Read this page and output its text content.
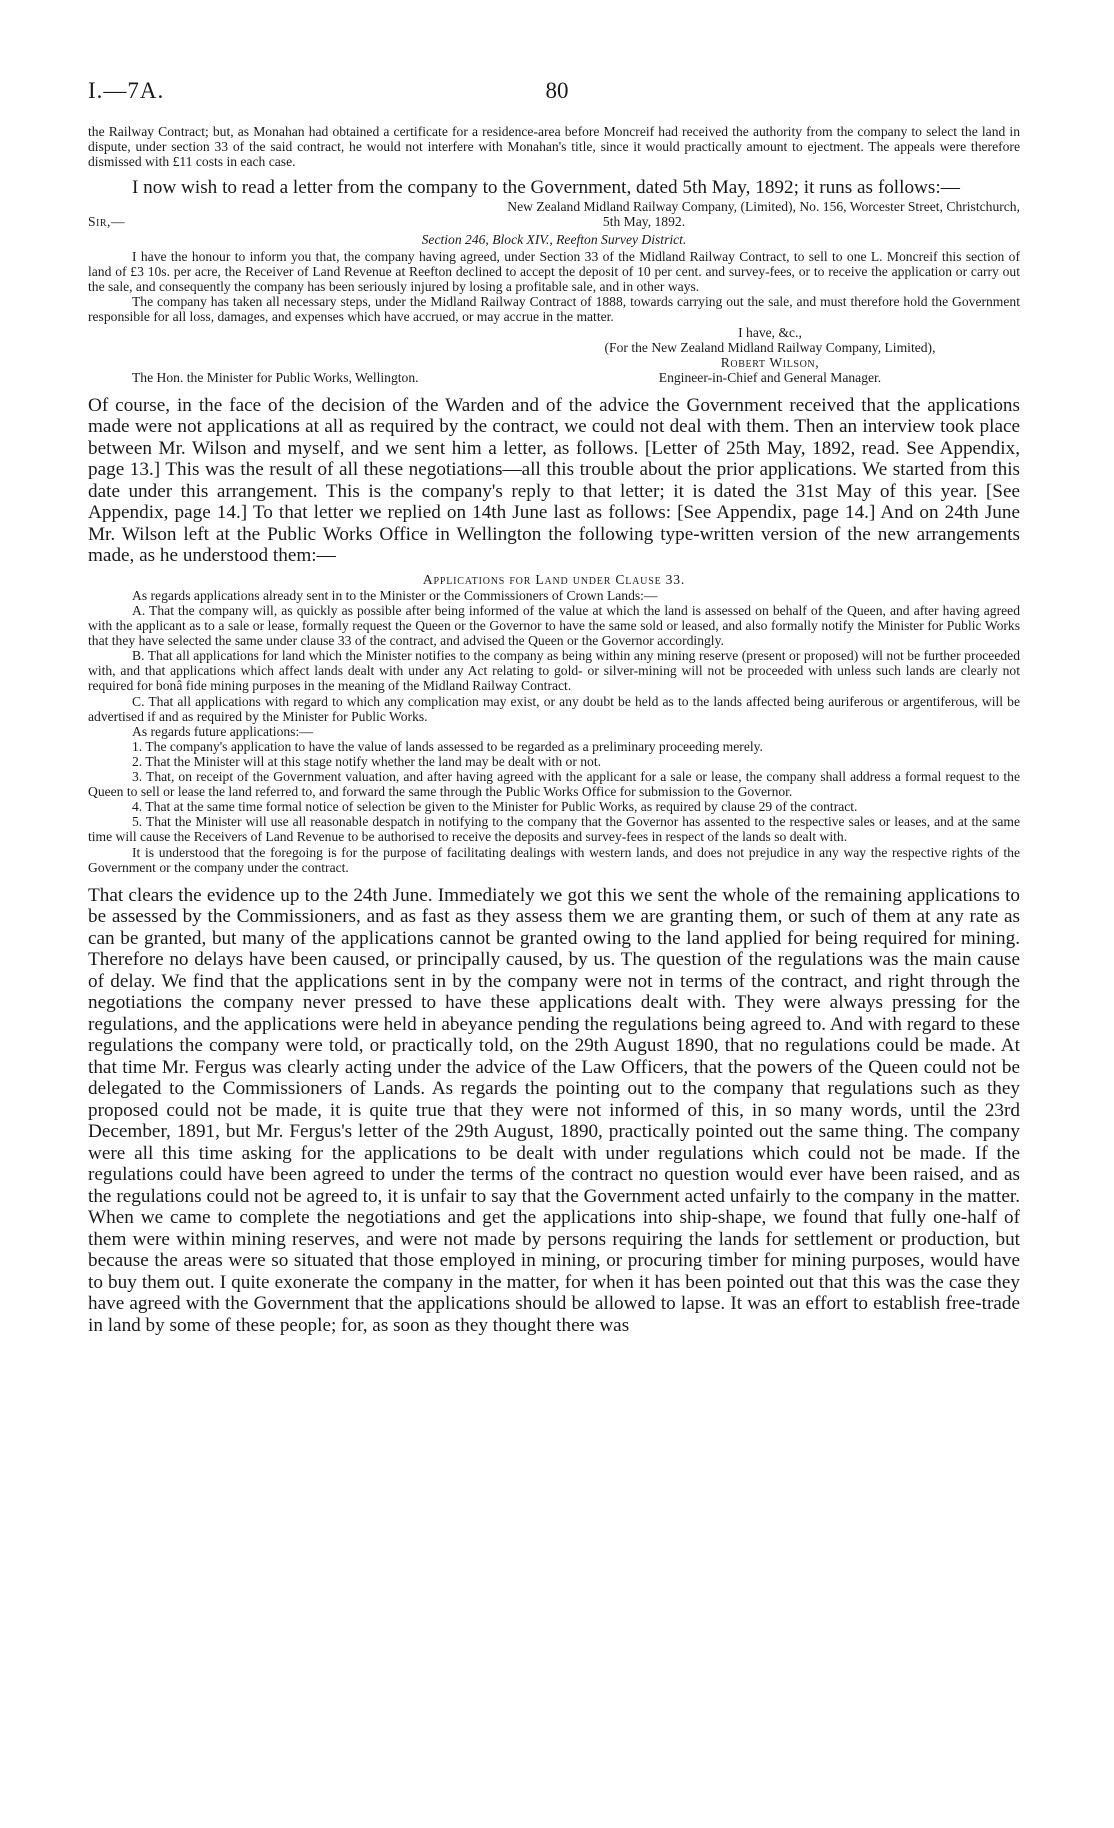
I.—7A.	80

the Railway Contract; but, as Monahan had obtained a certificate for a residence-area before Moncreif had received the authority from the company to select the land in dispute, under section 33 of the said contract, he would not interfere with Monahan's title, since it would practically amount to ejectment. The appeals were therefore dismissed with £11 costs in each case.

I now wish to read a letter from the company to the Government, dated 5th May, 1892; it runs as follows:—

Sir,—
New Zealand Midland Railway Company, (Limited), No. 156, Worcester Street, Christchurch,
5th May, 1892.

Section 246, Block XIV., Reefton Survey District.

I have the honour to inform you that, the company having agreed, under Section 33 of the Midland Railway Contract, to sell to one L. Moncreif this section of land of £3 10s. per acre, the Receiver of Land Revenue at Reefton declined to accept the deposit of 10 per cent. and survey-fees, or to receive the application or carry out the sale, and consequently the company has been seriously injured by losing a profitable sale, and in other ways.

The company has taken all necessary steps, under the Midland Railway Contract of 1888, towards carrying out the sale, and must therefore hold the Government responsible for all loss, damages, and expenses which have accrued, or may accrue in the matter.

I have, &c.,
(For the New Zealand Midland Railway Company, Limited),
Robert Wilson,
The Hon. the Minister for Public Works, Wellington.	Engineer-in-Chief and General Manager.

Of course, in the face of the decision of the Warden and of the advice the Government received that the applications made were not applications at all as required by the contract, we could not deal with them. Then an interview took place between Mr. Wilson and myself, and we sent him a letter, as follows. [Letter of 25th May, 1892, read. See Appendix, page 13.] This was the result of all these negotiations—all this trouble about the prior applications. We started from this date under this arrangement. This is the company's reply to that letter; it is dated the 31st May of this year. [See Appendix, page 14.] To that letter we replied on 14th June last as follows: [See Appendix, page 14.] And on 24th June Mr. Wilson left at the Public Works Office in Wellington the following type-written version of the new arrangements made, as he understood them:—

Applications for Land under Clause 33.

As regards applications already sent in to the Minister or the Commissioners of Crown Lands:—

A. That the company will, as quickly as possible after being informed of the value at which the land is assessed on behalf of the Queen, and after having agreed with the applicant as to a sale or lease, formally request the Queen or the Governor to have the same sold or leased, and also formally notify the Minister for Public Works that they have selected the same under clause 33 of the contract, and advised the Queen or the Governor accordingly.

B. That all applications for land which the Minister notifies to the company as being within any mining reserve (present or proposed) will not be further proceeded with, and that applications which affect lands dealt with under any Act relating to gold- or silver-mining will not be proceeded with unless such lands are clearly not required for bonâ fide mining purposes in the meaning of the Midland Railway Contract.

C. That all applications with regard to which any complication may exist, or any doubt be held as to the lands affected being auriferous or argentiferous, will be advertised if and as required by the Minister for Public Works.

As regards future applications:—

1. The company's application to have the value of lands assessed to be regarded as a preliminary proceeding merely.

2. That the Minister will at this stage notify whether the land may be dealt with or not.

3. That, on receipt of the Government valuation, and after having agreed with the applicant for a sale or lease, the company shall address a formal request to the Queen to sell or lease the land referred to, and forward the same through the Public Works Office for submission to the Governor.

4. That at the same time formal notice of selection be given to the Minister for Public Works, as required by clause 29 of the contract.

5. That the Minister will use all reasonable despatch in notifying to the company that the Governor has assented to the respective sales or leases, and at the same time will cause the Receivers of Land Revenue to be authorised to receive the deposits and survey-fees in respect of the lands so dealt with.

It is understood that the foregoing is for the purpose of facilitating dealings with western lands, and does not prejudice in any way the respective rights of the Government or the company under the contract.

That clears the evidence up to the 24th June. Immediately we got this we sent the whole of the remaining applications to be assessed by the Commissioners, and as fast as they assess them we are granting them, or such of them at any rate as can be granted, but many of the applications cannot be granted owing to the land applied for being required for mining. Therefore no delays have been caused, or principally caused, by us. The question of the regulations was the main cause of delay. We find that the applications sent in by the company were not in terms of the contract, and right through the negotiations the company never pressed to have these applications dealt with. They were always pressing for the regulations, and the applications were held in abeyance pending the regulations being agreed to. And with regard to these regulations the company were told, or practically told, on the 29th August 1890, that no regulations could be made. At that time Mr. Fergus was clearly acting under the advice of the Law Officers, that the powers of the Queen could not be delegated to the Commissioners of Lands. As regards the pointing out to the company that regulations such as they proposed could not be made, it is quite true that they were not informed of this, in so many words, until the 23rd December, 1891, but Mr. Fergus's letter of the 29th August, 1890, practically pointed out the same thing. The company were all this time asking for the applications to be dealt with under regulations which could not be made. If the regulations could have been agreed to under the terms of the contract no question would ever have been raised, and as the regulations could not be agreed to, it is unfair to say that the Government acted unfairly to the company in the matter. When we came to complete the negotiations and get the applications into ship-shape, we found that fully one-half of them were within mining reserves, and were not made by persons requiring the lands for settlement or production, but because the areas were so situated that those employed in mining, or procuring timber for mining purposes, would have to buy them out. I quite exonerate the company in the matter, for when it has been pointed out that this was the case they have agreed with the Government that the applications should be allowed to lapse. It was an effort to establish free-trade in land by some of these people; for, as soon as they thought there was
